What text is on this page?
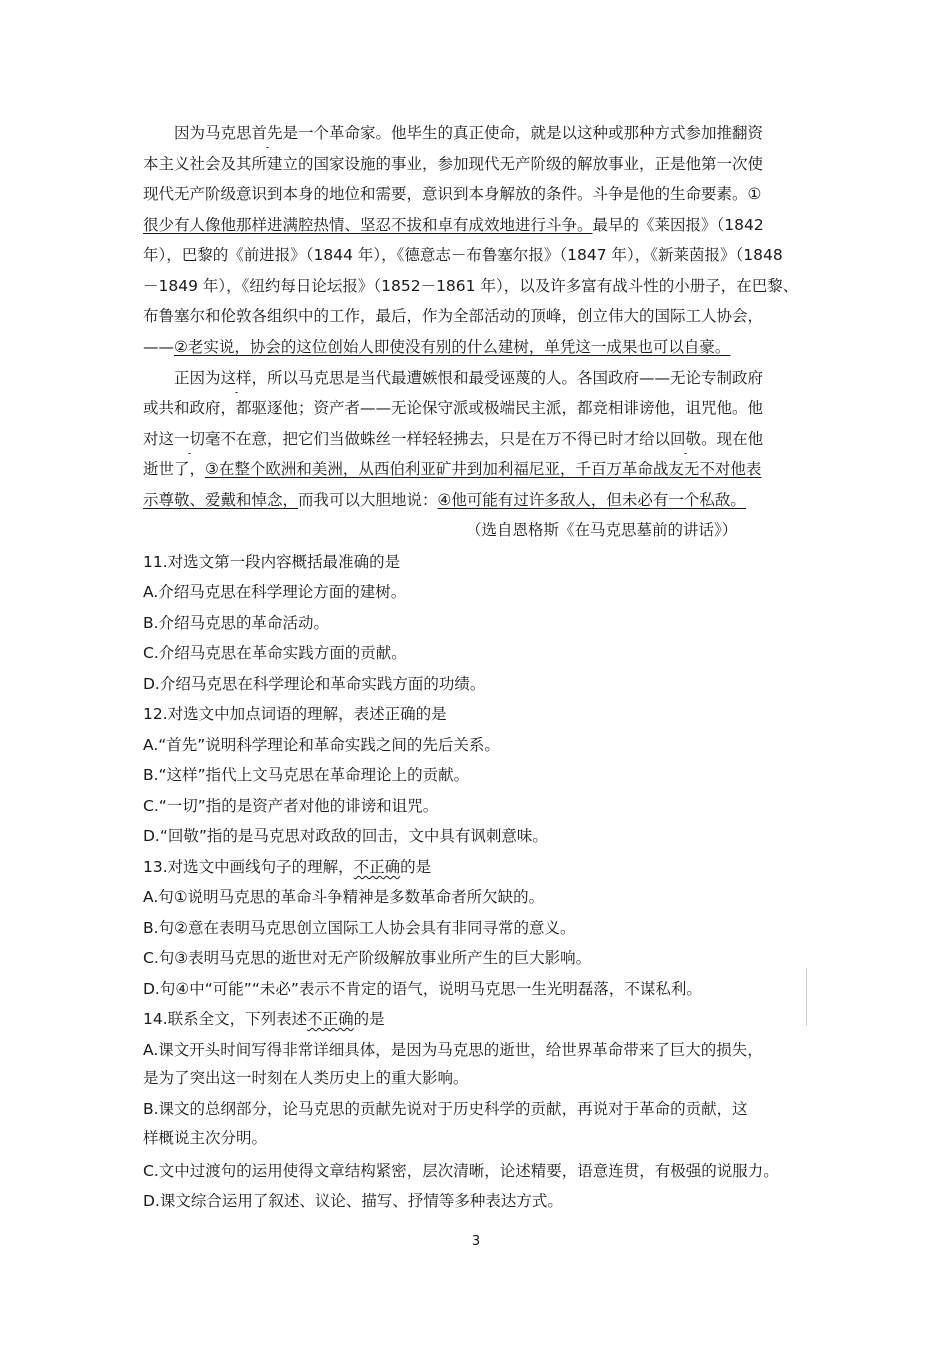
　　因为马克思首先是一个革命家。他毕生的真正使命，就是以这种或那种方式参加推翻资
本主义社会及其所建立的国家设施的事业，参加现代无产阶级的解放事业，正是他第一次使
现代无产阶级意识到本身的地位和需要，意识到本身解放的条件。斗争是他的生命要素。①
很少有人像他那样进满腔热情、坚忍不拔和卓有成效地进行斗争。最早的《莱因报》（1842
年），巴黎的《前进报》（1844 年），《德意志－布鲁塞尔报》（1847 年），《新莱茵报》（1848
－1849 年），《纽约每日论坛报》（1852－1861 年），以及许多富有战斗性的小册子，在巴黎、
布鲁塞尔和伦敦各组织中的工作，最后，作为全部活动的顶峰，创立伟大的国际工人协会，
——②老实说，协会的这位创始人即使没有别的什么建树，单凭这一成果也可以自豪。
　　正因为这样，所以马克思是当代最遭嫉恨和最受诬蔑的人。各国政府——无论专制政府
或共和政府，都驱逐他；资产者——无论保守派或极端民主派，都竞相诽谤他，诅咒他。他
对这一切毫不在意，把它们当做蛛丝一样轻轻拂去，只是在万不得已时才给以回敬。现在他
逝世了，③在整个欧洲和美洲，从西伯利亚矿井到加利福尼亚，千百万革命战友无不对他表
示尊敬、爱戴和悼念，而我可以大胆地说：④他可能有过许多敌人，但未必有一个私敌。
（选自恩格斯《在马克思墓前的讲话》）
11.对选文第一段内容概括最准确的是
A.介绍马克思在科学理论方面的建树。
B.介绍马克思的革命活动。
C.介绍马克思在革命实践方面的贡献。
D.介绍马克思在科学理论和革命实践方面的功绩。
12.对选文中加点词语的理解，表述正确的是
A.“首先”说明科学理论和革命实践之间的先后关系。
B.“这样”指代上文马克思在革命理论上的贡献。
C.“一切”指的是资产者对他的诽谤和诅咒。
D.“回敬”指的是马克思对政敌的回击，文中具有讽刺意味。
13.对选文中画线句子的理解，不正确的是
A.句①说明马克思的革命斗争精神是多数革命者所欠缺的。
B.句②意在表明马克思创立国际工人协会具有非同寻常的意义。
C.句③表明马克思的逝世对无产阶级解放事业所产生的巨大影响。
D.句④中“可能”“未必”表示不肯定的语气，说明马克思一生光明磊落，不谋私利。
14.联系全文，下列表述不正确的是
A.课文开头时间写得非常详细具体，是因为马克思的逝世，给世界革命带来了巨大的损失，
是为了突出这一时刻在人类历史上的重大影响。
B.课文的总纲部分，论马克思的贡献先说对于历史科学的贡献，再说对于革命的贡献，这
样概说主次分明。
C.文中过渡句的运用使得文章结构紧密，层次清晰，论述精要，语意连贯，有极强的说服力。
D.课文综合运用了叙述、议论、描写、抒情等多种表达方式。
3
